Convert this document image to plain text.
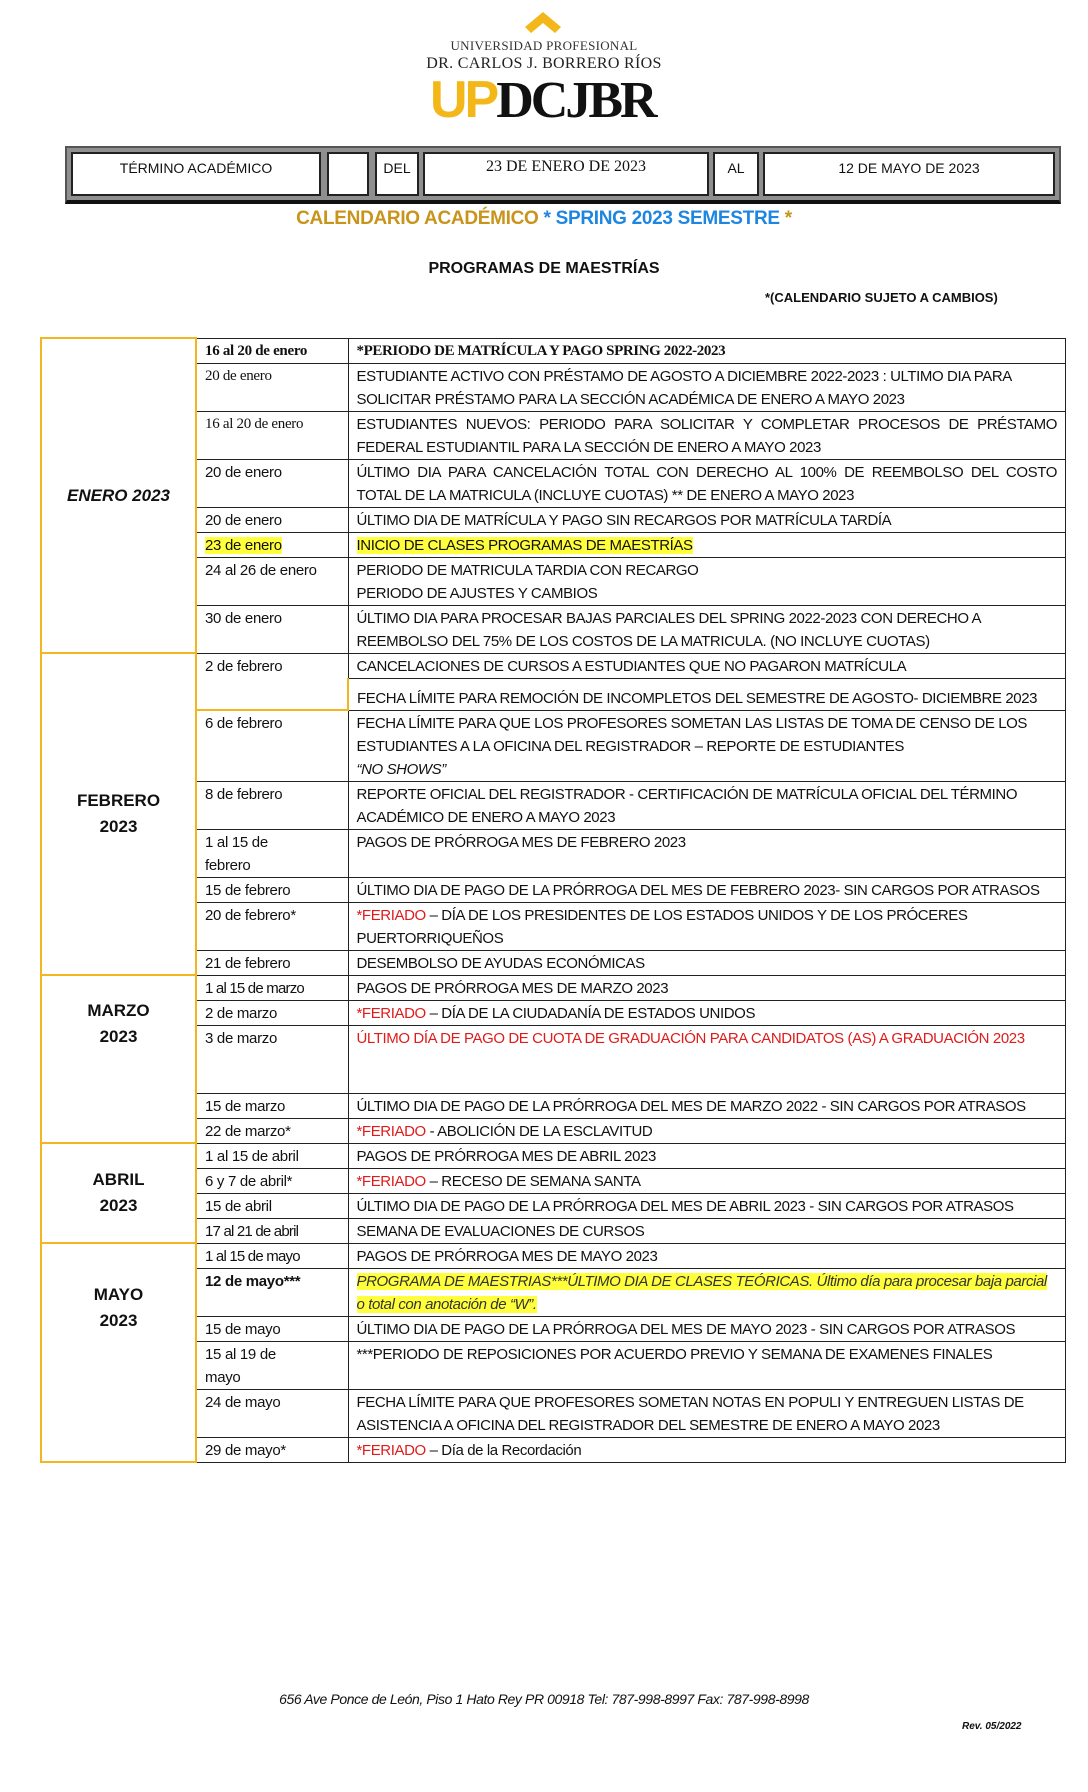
UNIVERSIDAD PROFESIONAL
DR. CARLOS J. BORRERO RÍOS
UPDCJBR
TÉRMINO ACADÉMICO	DEL	23 DE ENERO DE 2023	AL	12 DE MAYO DE 2023
CALENDARIO ACADÉMICO * SPRING 2023 SEMESTRE *
PROGRAMAS DE MAESTRÍAS
*(CALENDARIO SUJETO A CAMBIOS)
ENERO 2023	16 al 20 de enero	*PERIODO DE MATRÍCULA Y PAGO SPRING 2022-2023
	20 de enero	ESTUDIANTE ACTIVO CON PRÉSTAMO DE AGOSTO A DICIEMBRE 2022-2023 : ULTIMO DIA PARA SOLICITAR PRÉSTAMO PARA LA SECCIÓN ACADÉMICA DE ENERO A MAYO 2023
	16 al 20 de enero	ESTUDIANTES NUEVOS: PERIODO PARA SOLICITAR Y COMPLETAR PROCESOS DE PRÉSTAMO FEDERAL ESTUDIANTIL PARA LA SECCIÓN DE ENERO A MAYO 2023
	20 de enero	ÚLTIMO DIA PARA CANCELACIÓN TOTAL CON DERECHO AL 100% DE REEMBOLSO DEL COSTO TOTAL DE LA MATRICULA (INCLUYE CUOTAS) ** DE ENERO A MAYO 2023
	20 de enero	ÚLTIMO DIA DE MATRÍCULA Y PAGO SIN RECARGOS POR MATRÍCULA TARDÍA
	23 de enero	INICIO DE CLASES PROGRAMAS DE MAESTRÍAS
	24 al 26 de enero	PERIODO DE MATRICULA TARDIA CON RECARGO
PERIODO DE AJUSTES Y CAMBIOS

	30 de enero	ÚLTIMO DIA PARA PROCESAR BAJAS PARCIALES DEL SPRING 2022-2023 CON DERECHO A REEMBOLSO DEL 75% DE LOS COSTOS DE LA MATRICULA. (NO INCLUYE CUOTAS)

FEBRERO
2023	2 de febrero	CANCELACIONES DE CURSOS A ESTUDIANTES QUE NO PAGARON MATRÍCULA
		FECHA LÍMITE PARA REMOCIÓN DE INCOMPLETOS DEL SEMESTRE DE AGOSTO- DICIEMBRE 2023
	6 de febrero	FECHA LÍMITE PARA QUE LOS PROFESORES SOMETAN LAS LISTAS DE TOMA DE CENSO DE LOS ESTUDIANTES A LA OFICINA DEL REGISTRADOR – REPORTE DE ESTUDIANTES
“NO SHOWS”
	8 de febrero	REPORTE OFICIAL DEL REGISTRADOR - CERTIFICACIÓN DE MATRÍCULA OFICIAL DEL TÉRMINO ACADÉMICO DE ENERO A MAYO 2023
	1 al 15 de febrero	PAGOS DE PRÓRROGA MES DE FEBRERO 2023
	15 de febrero	ÚLTIMO DIA DE PAGO DE LA PRÓRROGA DEL MES DE FEBRERO 2023- SIN CARGOS POR ATRASOS
	20 de febrero*	*FERIADO – DÍA DE LOS PRESIDENTES DE LOS ESTADOS UNIDOS Y DE LOS PRÓCERES PUERTORRIQUEÑOS
	21 de febrero	DESEMBOLSO DE AYUDAS ECONÓMICAS

MARZO
2023	1 al 15 de marzo	PAGOS DE PRÓRROGA MES DE MARZO 2023
	2 de marzo	*FERIADO – DÍA DE LA CIUDADANÍA DE ESTADOS UNIDOS
	3 de marzo	ÚLTIMO DÍA DE PAGO DE CUOTA DE GRADUACIÓN PARA CANDIDATOS (AS) A GRADUACIÓN 2023
	15 de marzo	ÚLTIMO DIA DE PAGO DE LA PRÓRROGA DEL MES DE MARZO 2022 - SIN CARGOS POR ATRASOS
	22 de marzo*	*FERIADO - ABOLICIÓN DE LA ESCLAVITUD

ABRIL
2023	1 al 15 de abril	PAGOS DE PRÓRROGA MES DE ABRIL 2023
	6 y 7 de abril*	*FERIADO – RECESO DE SEMANA SANTA
	15 de abril	ÚLTIMO DIA DE PAGO DE LA PRÓRROGA DEL MES DE ABRIL 2023 - SIN CARGOS POR ATRASOS
	17 al 21 de abril	SEMANA DE EVALUACIONES DE CURSOS

MAYO
2023	1 al 15 de mayo	PAGOS DE PRÓRROGA MES DE MAYO 2023
	12 de mayo***	PROGRAMA DE MAESTRIAS***ÚLTIMO DIA DE CLASES TEÓRICAS. Último día para procesar baja parcial o total con anotación de “W”.
	15 de mayo	ÚLTIMO DIA DE PAGO DE LA PRÓRROGA DEL MES DE MAYO 2023 - SIN CARGOS POR ATRASOS
	15 al 19 de mayo	***PERIODO DE REPOSICIONES POR ACUERDO PREVIO Y SEMANA DE EXAMENES FINALES
	24 de mayo	FECHA LÍMITE PARA QUE PROFESORES SOMETAN NOTAS EN POPULI Y ENTREGUEN LISTAS DE ASISTENCIA A OFICINA DEL REGISTRADOR DEL SEMESTRE DE ENERO A MAYO 2023
	29 de mayo*	*FERIADO – Día de la Recordación
656 Ave Ponce de León, Piso 1 Hato Rey PR 00918 Tel: 787-998-8997 Fax: 787-998-8998
Rev. 05/2022
